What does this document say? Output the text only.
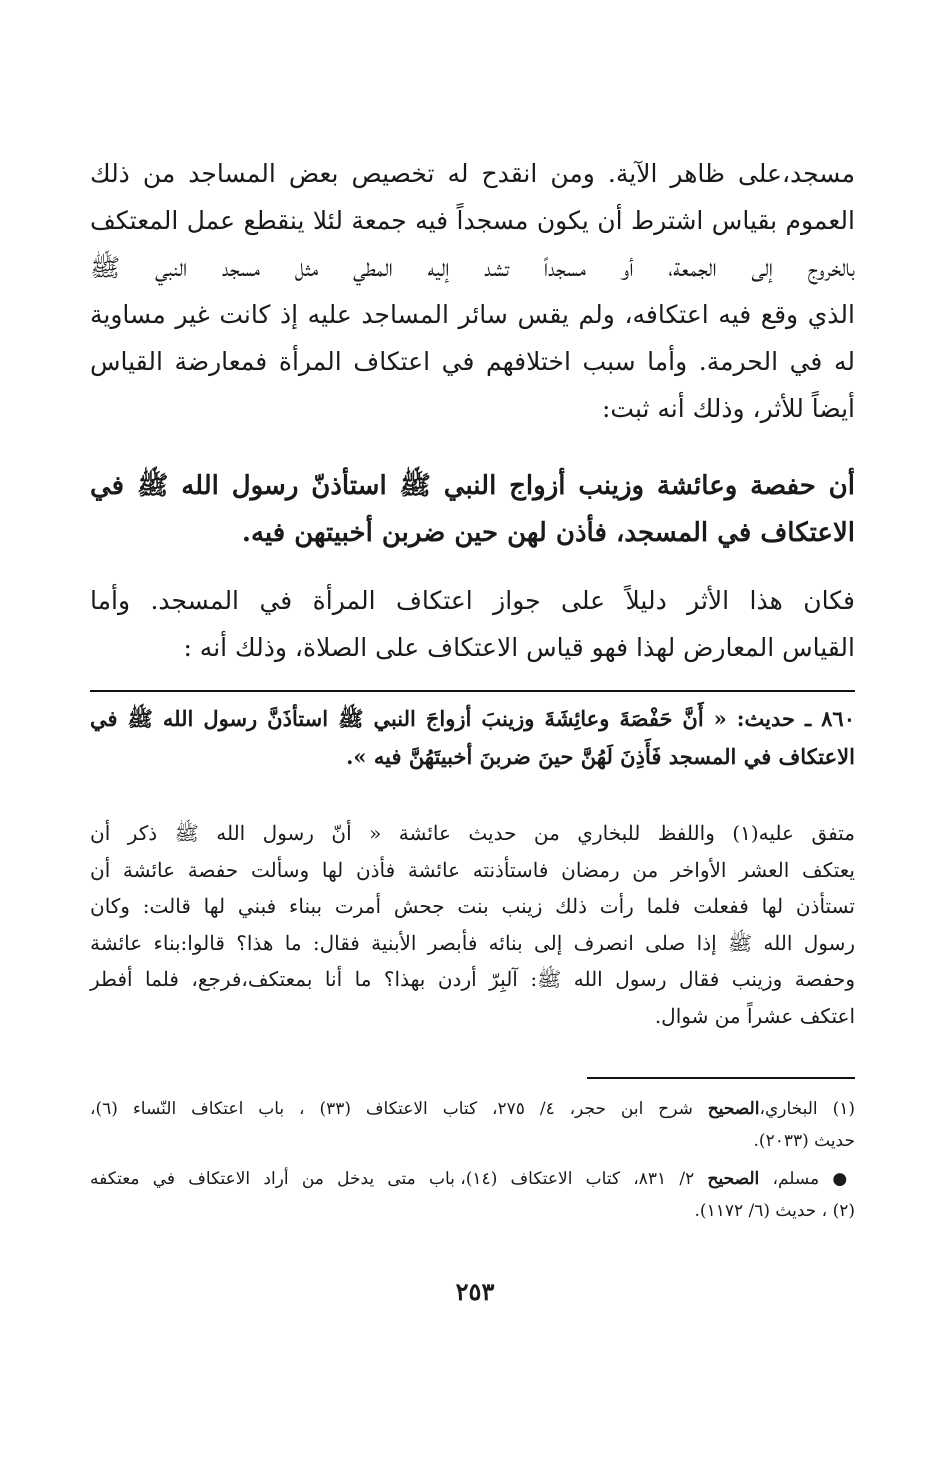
مسجد،على ظاهر الآية. ومن انقدح له تخصيص بعض المساجد من ذلك
العموم بقياس اشترط أن يكون مسجداً فيه جمعة لئلا ينقطع عمل المعتكف
بالخروج إلى الجمعة، أو مسجداً تشد إليه المطي مثل مسجد النبي ﷺ
الذي وقع فيه اعتكافه، ولم يقس سائر المساجد عليه إذ كانت غير مساوية
له في الحرمة. وأما سبب اختلافهم في اعتكاف المرأة فمعارضة القياس
أيضاً للأثر، وذلك أنه ثبت:
أن حفصة وعائشة وزينب أزواج النبي ﷺ استأذنّ رسول الله ﷺ في
الاعتكاف في المسجد، فأذن لهن حين ضربن أخبيتهن فيه.
فكان هذا الأثر دليلاً على جواز اعتكاف المرأة في المسجد. وأما
القياس المعارض لهذا فهو قياس الاعتكاف على الصلاة، وذلك أنه :
٨٦٠ ـ حديث: « أَنَّ حَفْصَةَ وعائِشَةَ وزينبَ أزواجَ النبي ﷺ استأذَنَّ رسول الله ﷺ في
الاعتكاف في المسجد فَأَذِنَ لَهُنَّ حينَ ضربنَ أخبيتَهُنَّ فيه ».
متفق عليه(١) واللفظ للبخاري من حديث عائشة « أنّ رسول الله ﷺ ذكر أن
يعتكف العشر الأواخر من رمضان فاستأذنته عائشة فأذن لها وسألت حفصة عائشة أن
تستأذن لها ففعلت فلما رأت ذلك زينب بنت جحش أمرت ببناء فبني لها قالت: وكان
رسول الله ﷺ إذا صلى انصرف إلى بنائه فأبصر الأبنية فقال: ما هذا؟ قالوا:بناء عائشة
وحفصة وزينب فقال رسول الله ﷺ: آلبِرّ أردن بهذا؟ ما أنا بمعتكف،فرجع، فلما أفطر
اعتكف عشراً من شوال.
(١) البخاري،الصحيح شرح ابن حجر، ٤/ ٢٧٥، كتاب الاعتكاف (٣٣) ، باب اعتكاف النّساء (٦)،
حديث (٢٠٣٣).
● مسلم، الصحيح ٢/ ٨٣١، كتاب الاعتكاف (١٤)، باب متى يدخل من أراد الاعتكاف في معتكفه
(٢) ، حديث (٦/ ١١٧٢).
٢٥٣
